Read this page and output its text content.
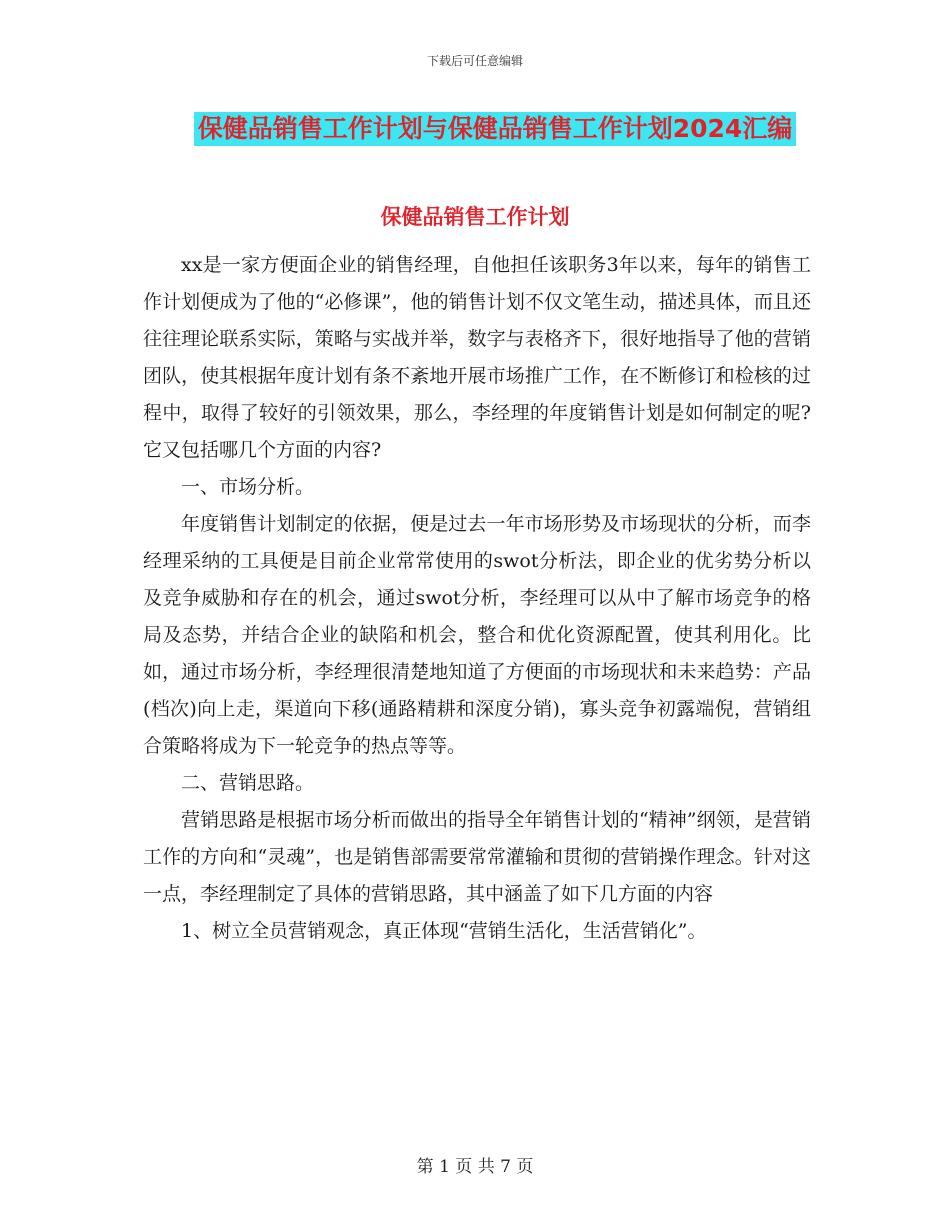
下载后可任意编辑
保健品销售工作计划与保健品销售工作计划2024汇编
保健品销售工作计划

xx是一家方便面企业的销售经理，自他担任该职务3年以来，每年的销售工作计划便成为了他的“必修课”，他的销售计划不仅文笔生动，描述具体，而且还往往理论联系实际，策略与实战并举，数字与表格齐下，很好地指导了他的营销团队，使其根据年度计划有条不紊地开展市场推广工作，在不断修订和检核的过程中，取得了较好的引领效果，那么，李经理的年度销售计划是如何制定的呢?它又包括哪几个方面的内容?

一、市场分析。

年度销售计划制定的依据，便是过去一年市场形势及市场现状的分析，而李经理采纳的工具便是目前企业常常使用的swot分析法，即企业的优劣势分析以及竞争威胁和存在的机会，通过swot分析，李经理可以从中了解市场竞争的格局及态势，并结合企业的缺陷和机会，整合和优化资源配置，使其利用化。比如，通过市场分析，李经理很清楚地知道了方便面的市场现状和未来趋势：产品(档次)向上走，渠道向下移(通路精耕和深度分销)，寡头竞争初露端倪，营销组合策略将成为下一轮竞争的热点等等。

二、营销思路。

营销思路是根据市场分析而做出的指导全年销售计划的“精神”纲领，是营销工作的方向和“灵魂”，也是销售部需要常常灌输和贯彻的营销操作理念。针对这一点，李经理制定了具体的营销思路，其中涵盖了如下几方面的内容

1、树立全员营销观念，真正体现“营销生活化，生活营销化”。

第 1 页 共 7 页
